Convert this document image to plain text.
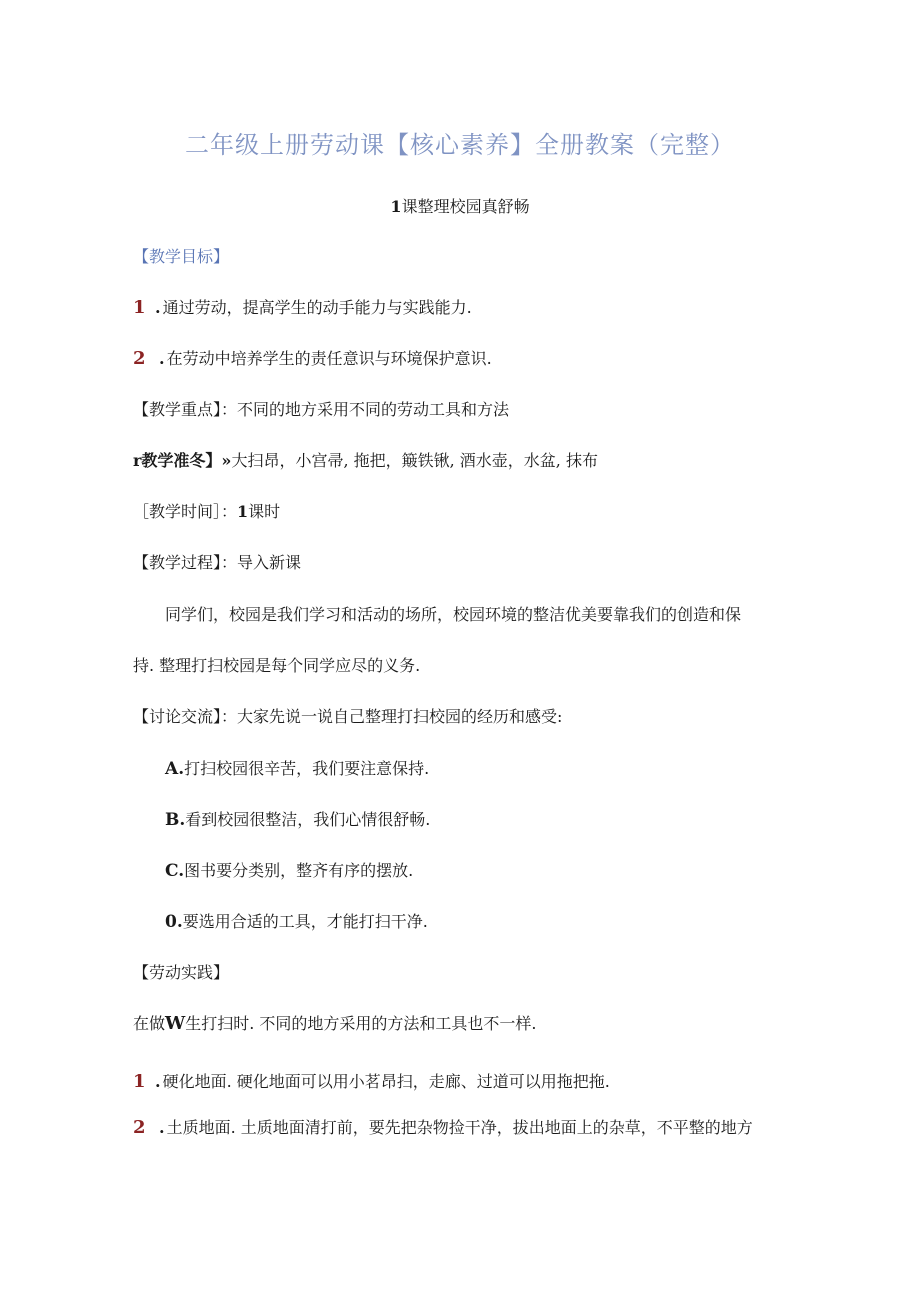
二年级上册劳动课【核心素养】全册教案（完整）
1课整理校园真舒畅
【教学目标】
1 . 通过劳动，提高学生的动手能力与实践能力.
2 . 在劳动中培养学生的责任意识与环境保护意识.
【教学重点】：不同的地方采用不同的劳动工具和方法
r教学准冬】»大扫昂，小宫帚, 拖把，簸铁锹, 酒水壶，水盆, 抹布
［教学时间］：1课时
【教学过程】：导入新课
同学们，校园是我们学习和活动的场所，校园环境的整洁优美要靠我们的创造和保
持. 整理打扫校园是每个同学应尽的义务.
【讨论交流】：大家先说一说自己整理打扫校园的经历和感受:
A.打扫校园很辛苦，我们要注意保持.
B.看到校园很整洁，我们心情很舒畅.
C.图书要分类别，整齐有序的摆放.
0.要选用合适的工具，才能打扫干净.
【劳动实践】
在做W生打扫时. 不同的地方采用的方法和工具也不一样.
1 . 硬化地面. 硬化地面可以用小茗昂扫，走廊、过道可以用拖把拖.
2 . 土质地面. 土质地面清打前，要先把杂物捡干净，拔出地面上的杂草，不平整的地方
